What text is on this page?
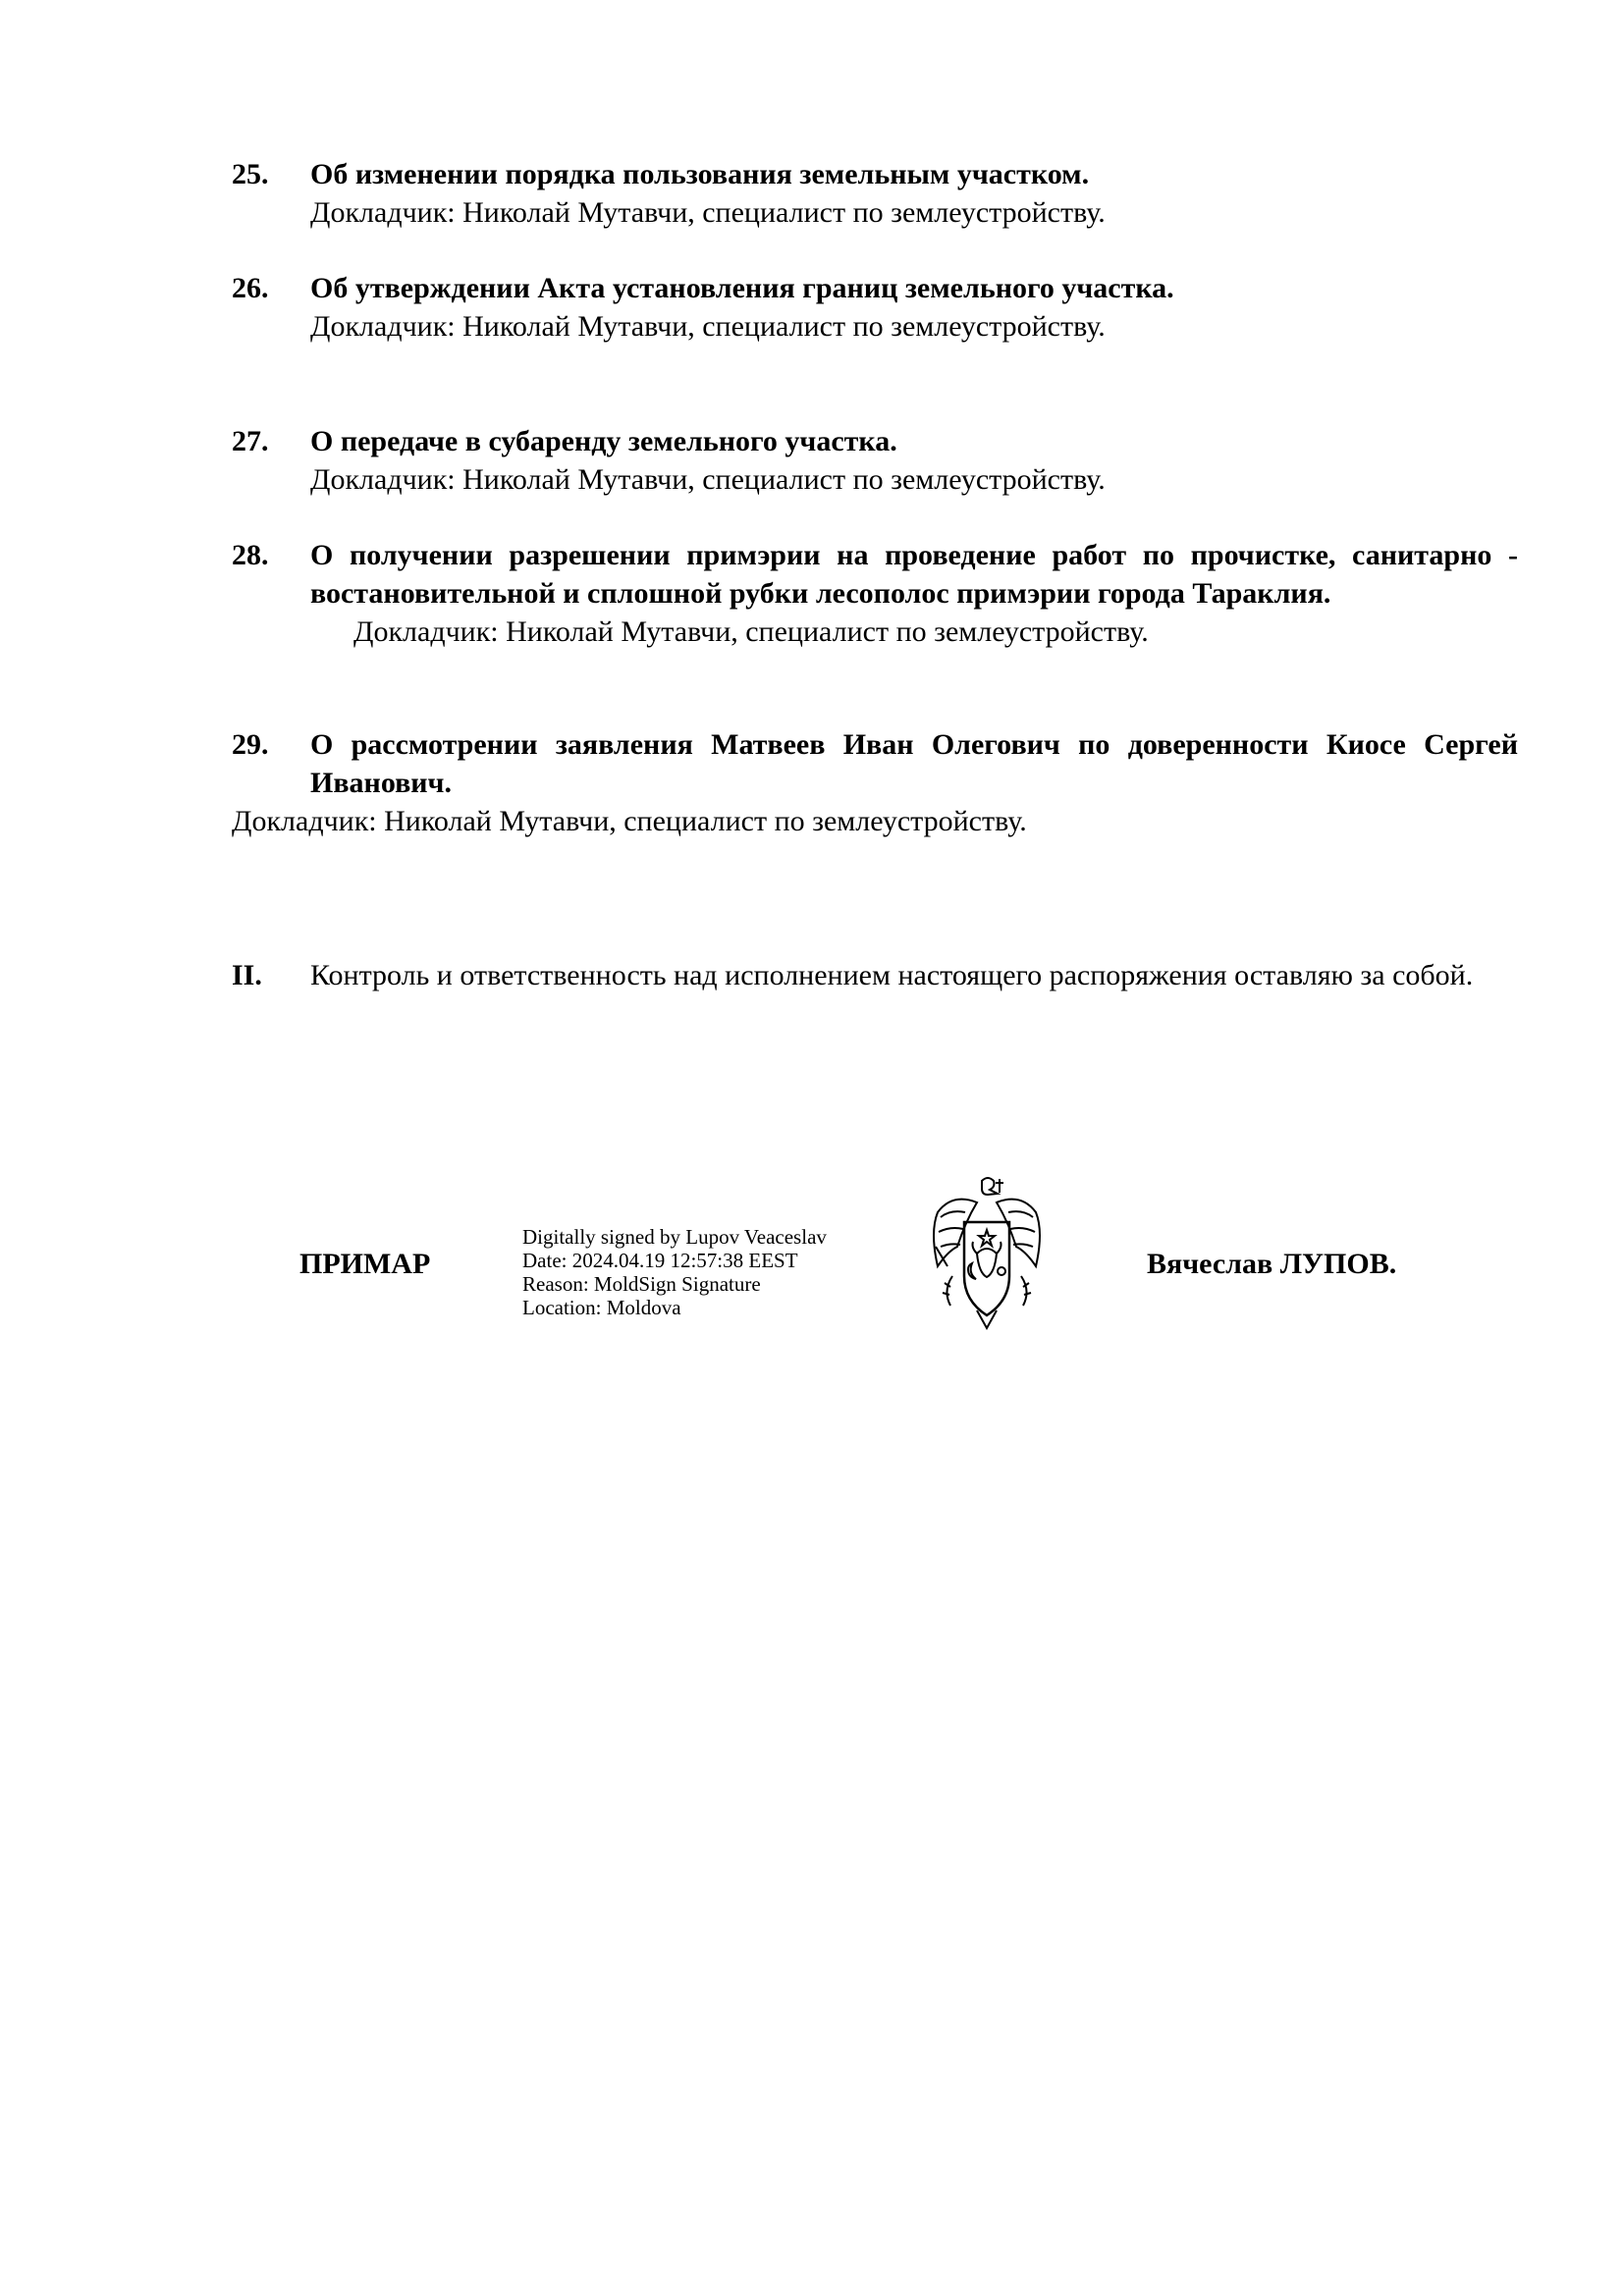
25. Об изменении порядка пользования земельным участком.
Докладчик: Николай Мутавчи, специалист по землеустройству.
26. Об утверждении Акта установления границ земельного участка.
Докладчик: Николай Мутавчи, специалист по землеустройству.
27. О передаче в субаренду земельного участка.
Докладчик: Николай Мутавчи, специалист по землеустройству.
28. О получении разрешении примэрии на проведение работ по прочистке, санитарно - востановительной и сплошной рубки лесополос примэрии города Тараклия.
Докладчик: Николай Мутавчи, специалист по землеустройству.
29. О рассмотрении заявления Матвеев Иван Олегович по доверенности Киосе Сергей Иванович.
Докладчик: Николай Мутавчи, специалист по землеустройству.
II. Контроль и ответственность над исполнением настоящего распоряжения оставляю за собой.
ПРИМАР
Digitally signed by Lupov Veaceslav
Date: 2024.04.19 12:57:38 EEST
Reason: MoldSign Signature
Location: Moldova
Вячеслав ЛУПОВ.
